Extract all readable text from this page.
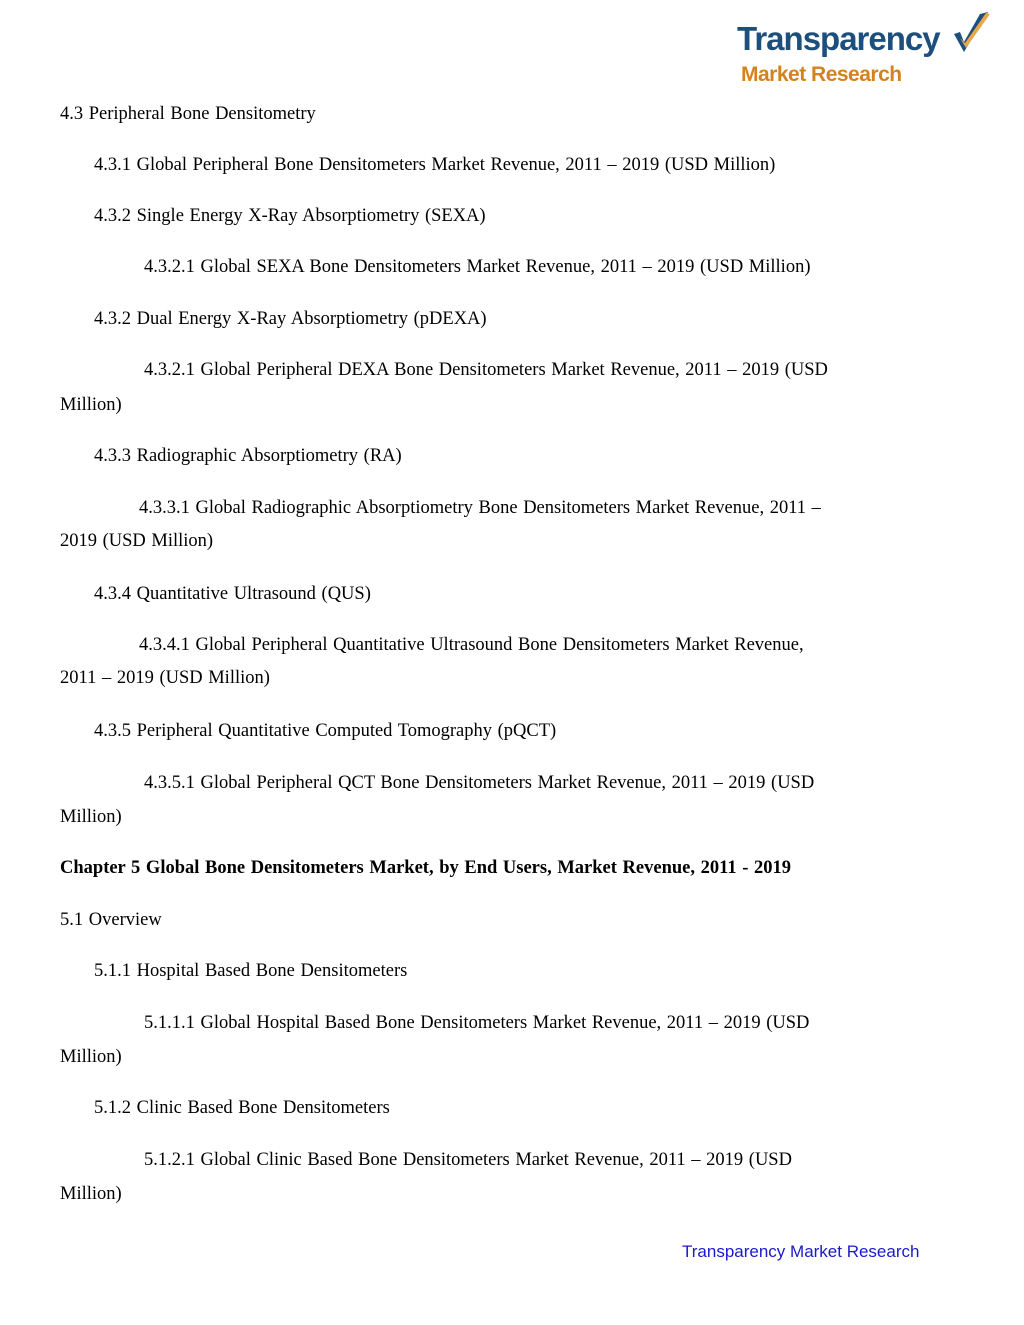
Transparency
Market Research
4.3 Peripheral Bone Densitometry
4.3.1 Global Peripheral Bone Densitometers Market Revenue, 2011 – 2019 (USD Million)
4.3.2 Single Energy X-Ray Absorptiometry (SEXA)
4.3.2.1 Global SEXA Bone Densitometers Market Revenue, 2011 – 2019 (USD Million)
4.3.2 Dual Energy X-Ray Absorptiometry (pDEXA)
4.3.2.1 Global Peripheral DEXA Bone Densitometers Market Revenue, 2011 – 2019 (USD
Million)
4.3.3 Radiographic Absorptiometry (RA)
4.3.3.1 Global Radiographic Absorptiometry Bone Densitometers Market Revenue, 2011 –
2019 (USD Million)
4.3.4 Quantitative Ultrasound (QUS)
4.3.4.1 Global Peripheral Quantitative Ultrasound Bone Densitometers Market Revenue,
2011 – 2019 (USD Million)
4.3.5 Peripheral Quantitative Computed Tomography (pQCT)
4.3.5.1 Global Peripheral QCT Bone Densitometers Market Revenue, 2011 – 2019 (USD
Million)
Chapter 5 Global Bone Densitometers Market, by End Users, Market Revenue, 2011 - 2019
5.1 Overview
5.1.1 Hospital Based Bone Densitometers
5.1.1.1 Global Hospital Based Bone Densitometers Market Revenue, 2011 – 2019 (USD
Million)
5.1.2 Clinic Based Bone Densitometers
5.1.2.1 Global Clinic Based Bone Densitometers Market Revenue, 2011 – 2019 (USD
Million)
Transparency Market Research
